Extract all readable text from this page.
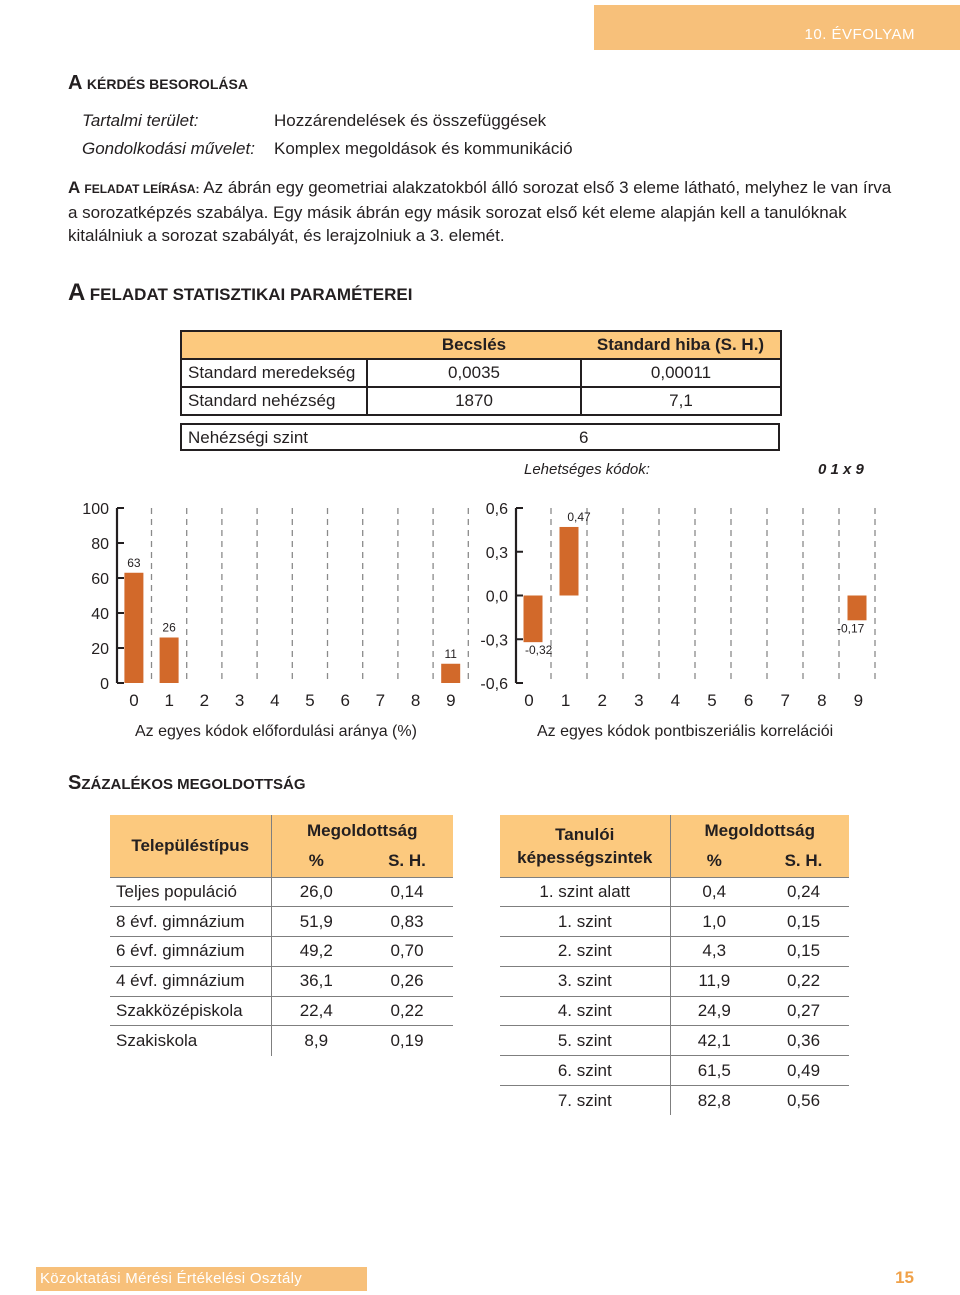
10. ÉVFOLYAM
A KÉRDÉS BESOROLÁSA
Tartalmi terület:	Hozzárendelések és összefüggések
Gondolkodási művelet: Komplex megoldások és kommunikáció
A FELADAT LEÍRÁSA: Az ábrán egy geometriai alakzatokból álló sorozat első 3 eleme látható, melyhez le van írva a sorozatképzés szabálya. Egy másik ábrán egy másik sorozat első két eleme alapján kell a tanulóknak kitalálniuk a sorozat szabályát, és lerajzolniuk a 3. elemét.
A FELADAT STATISZTIKAI PARAMÉTEREI
	Becslés	Standard hiba (S. H.)
Standard meredekség	0,0035	0,00011
Standard nehézség	1870	7,1
Nehézségi szint	6
Lehetséges kódok:	0 1 x 9
0
20
40
60
80
100
63
26
11
0 1 2 3 4 5 6 7 8 9
-0,6
-0,3
0,0
0,3
0,6
-0,32
0,47
-0,17
0 1 2 3 4 5 6 7 8 9
Az egyes kódok előfordulási aránya (%)	Az egyes kódok pontbiszeriális korrelációi
SZÁZALÉKOS MEGOLDOTTSÁG
Településtípus	Megoldottság	
	%	S. H.
Teljes populáció	26,0	0,14
8 évf. gimnázium	51,9	0,83
6 évf. gimnázium	49,2	0,70
4 évf. gimnázium	36,1	0,26
Szakközépiskola	22,4	0,22
Szakiskola	8,9	0,19
Tanulói
képességszintek	Megoldottság	
	%	S. H.
1. szint alatt	0,4	0,24
1. szint	1,0	0,15
2. szint	4,3	0,15
3. szint	11,9	0,22
4. szint	24,9	0,27
5. szint	42,1	0,36
6. szint	61,5	0,49
7. szint	82,8	0,56
Közoktatási Mérési Értékelési Osztály	15
